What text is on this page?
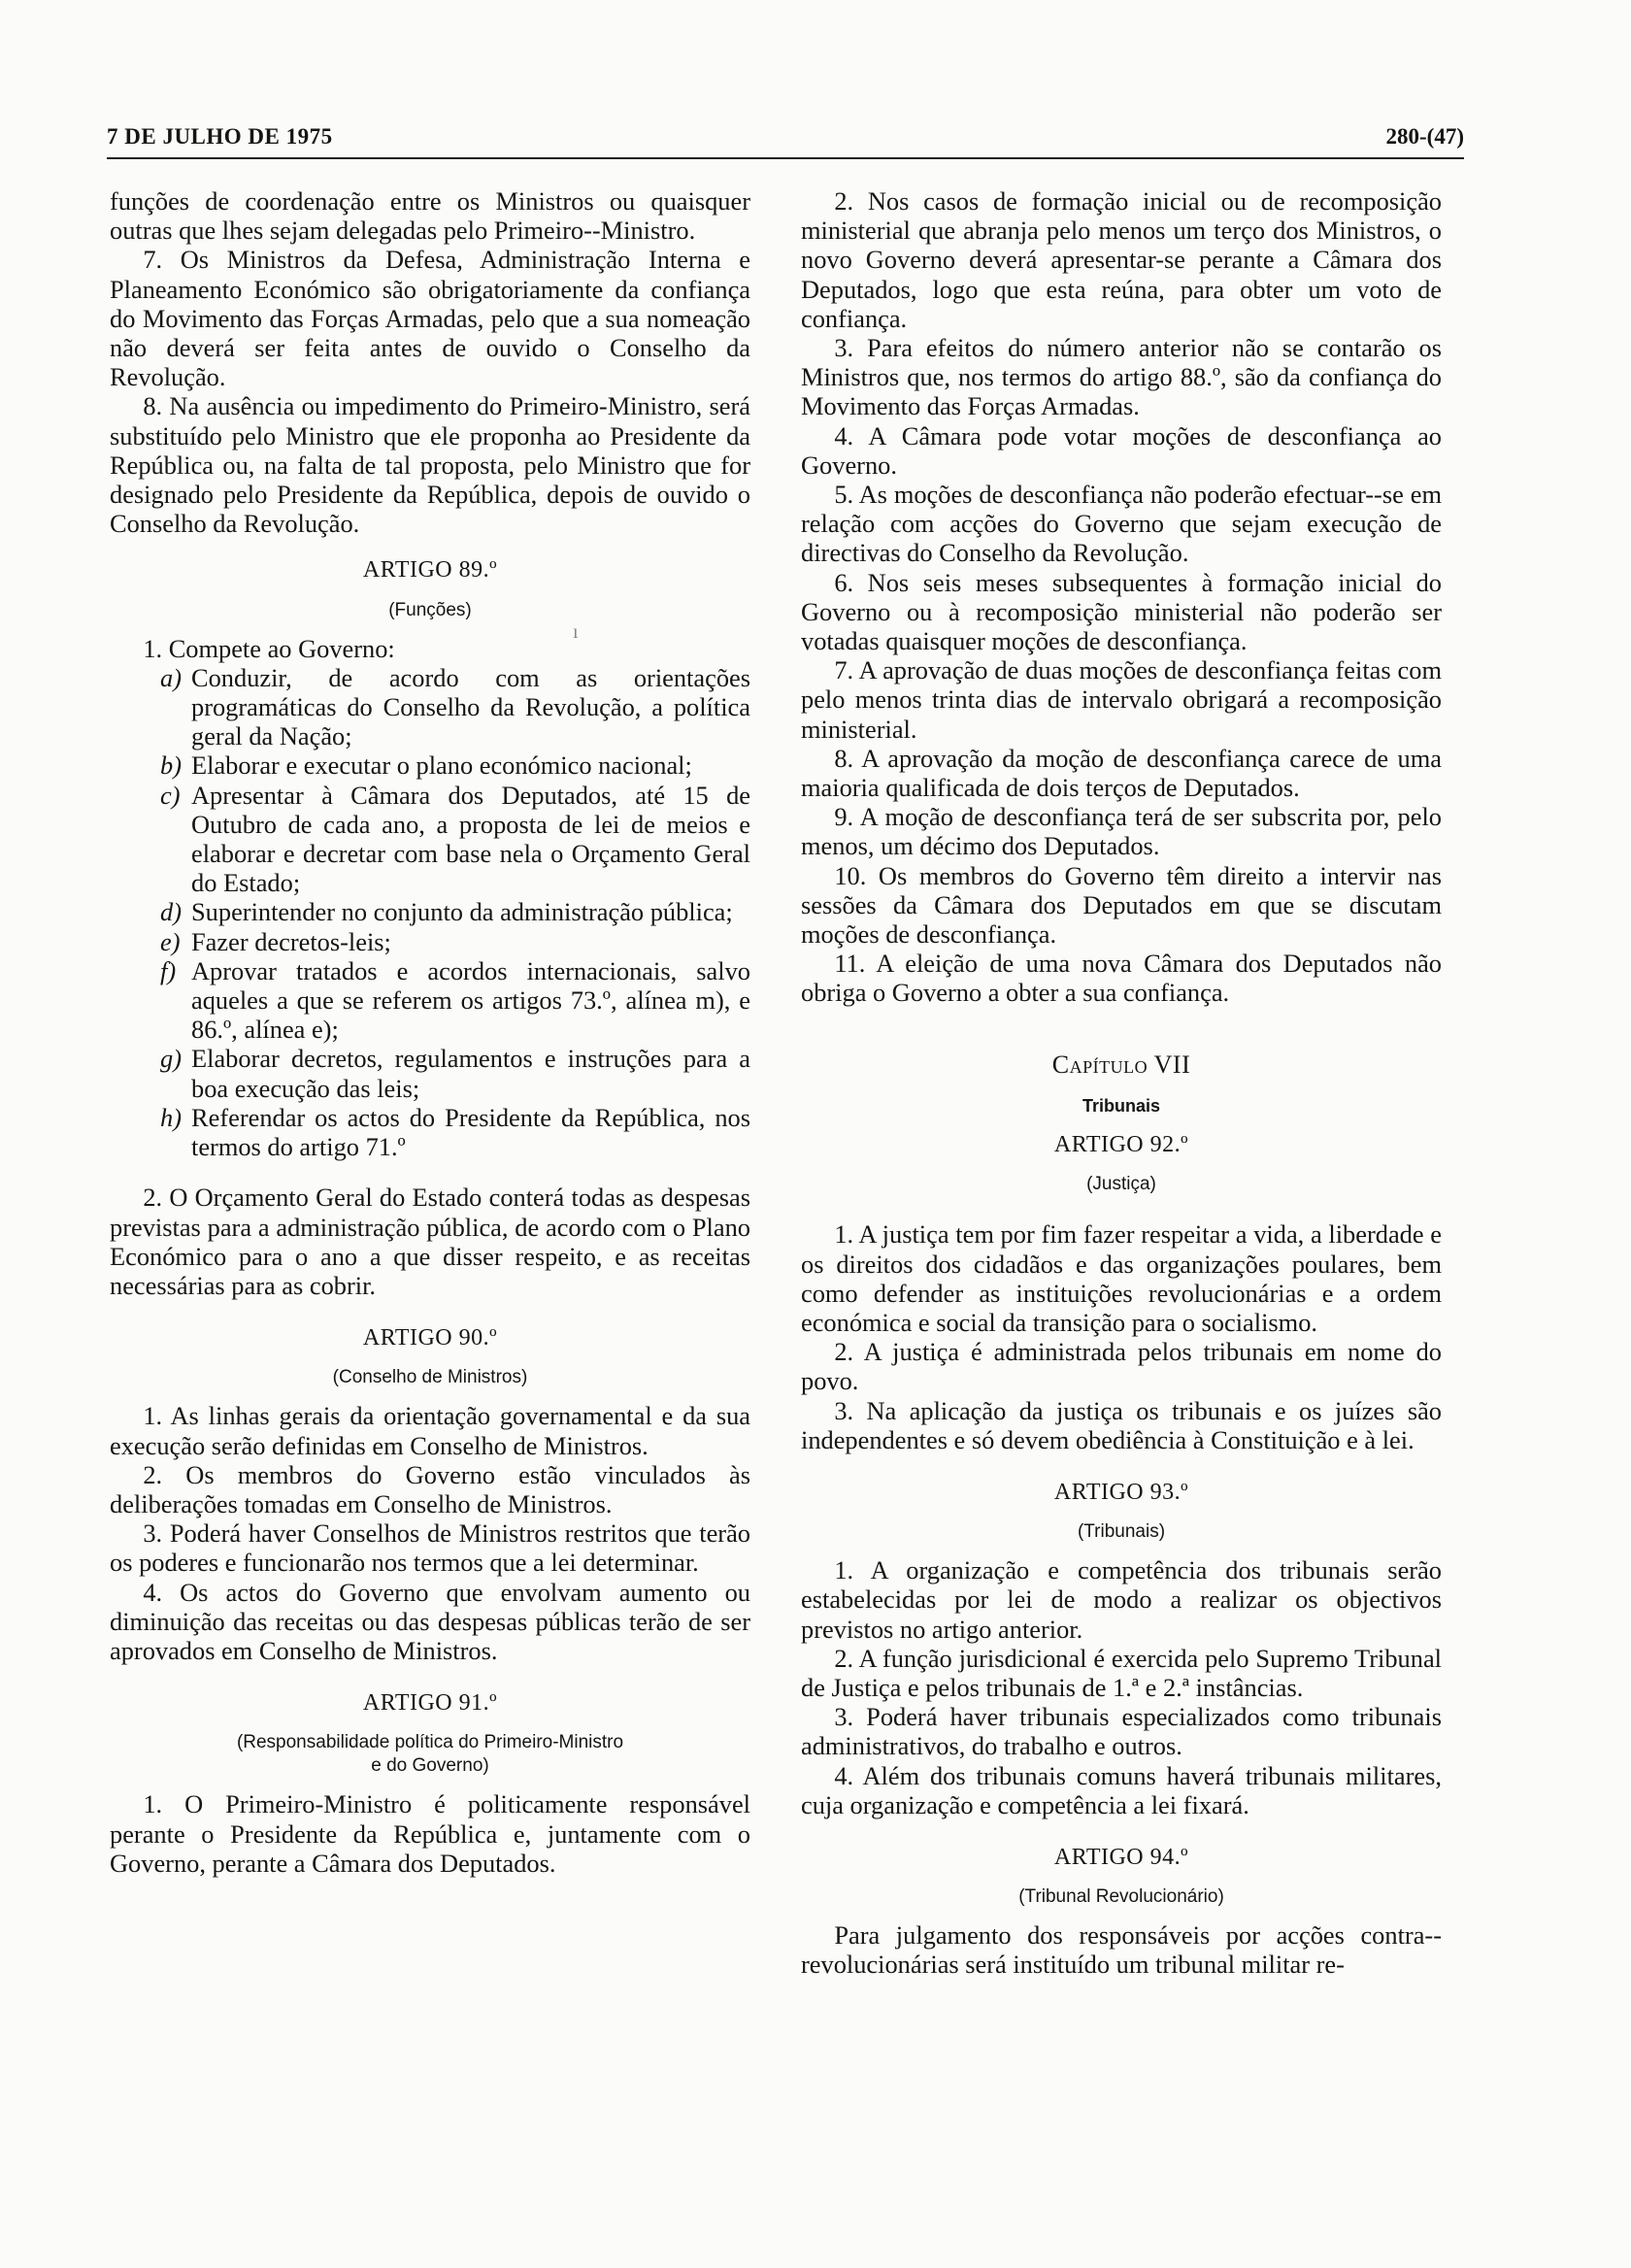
7 DE JULHO DE 1975	280-(47)
ı

funções de coordenação entre os Ministros ou quaisquer outras que lhes sejam delegadas pelo Primeiro--Ministro.

7. Os Ministros da Defesa, Administração Interna e Planeamento Económico são obrigatoriamente da confiança do Movimento das Forças Armadas, pelo que a sua nomeação não deverá ser feita antes de ouvido o Conselho da Revolução.

8. Na ausência ou impedimento do Primeiro-Ministro, será substituído pelo Ministro que ele proponha ao Presidente da República ou, na falta de tal proposta, pelo Ministro que for designado pelo Presidente da República, depois de ouvido o Conselho da Revolução.

ARTIGO 89.º
(Funções)

1. Compete ao Governo:

a) Conduzir, de acordo com as orientações programáticas do Conselho da Revolução, a política geral da Nação;
b) Elaborar e executar o plano económico nacional;
c) Apresentar à Câmara dos Deputados, até 15 de Outubro de cada ano, a proposta de lei de meios e elaborar e decretar com base nela o Orçamento Geral do Estado;
d) Superintender no conjunto da administração pública;
e) Fazer decretos-leis;
f) Aprovar tratados e acordos internacionais, salvo aqueles a que se referem os artigos 73.º, alínea m), e 86.º, alínea e);
g) Elaborar decretos, regulamentos e instruções para a boa execução das leis;
h) Referendar os actos do Presidente da República, nos termos do artigo 71.º

2. O Orçamento Geral do Estado conterá todas as despesas previstas para a administração pública, de acordo com o Plano Económico para o ano a que disser respeito, e as receitas necessárias para as cobrir.

ARTIGO 90.º
(Conselho de Ministros)

1. As linhas gerais da orientação governamental e da sua execução serão definidas em Conselho de Ministros.

2. Os membros do Governo estão vinculados às deliberações tomadas em Conselho de Ministros.

3. Poderá haver Conselhos de Ministros restritos que terão os poderes e funcionarão nos termos que a lei determinar.

4. Os actos do Governo que envolvam aumento ou diminuição das receitas ou das despesas públicas terão de ser aprovados em Conselho de Ministros.

ARTIGO 91.º
(Responsabilidade política do Primeiro-Ministro
e do Governo)

1. O Primeiro-Ministro é politicamente responsável perante o Presidente da República e, juntamente com o Governo, perante a Câmara dos Deputados.

2. Nos casos de formação inicial ou de recomposição ministerial que abranja pelo menos um terço dos Ministros, o novo Governo deverá apresentar-se perante a Câmara dos Deputados, logo que esta reúna, para obter um voto de confiança.

3. Para efeitos do número anterior não se contarão os Ministros que, nos termos do artigo 88.º, são da confiança do Movimento das Forças Armadas.

4. A Câmara pode votar moções de desconfiança ao Governo.

5. As moções de desconfiança não poderão efectuar--se em relação com acções do Governo que sejam execução de directivas do Conselho da Revolução.

6. Nos seis meses subsequentes à formação inicial do Governo ou à recomposição ministerial não poderão ser votadas quaisquer moções de desconfiança.

7. A aprovação de duas moções de desconfiança feitas com pelo menos trinta dias de intervalo obrigará a recomposição ministerial.

8. A aprovação da moção de desconfiança carece de uma maioria qualificada de dois terços de Deputados.

9. A moção de desconfiança terá de ser subscrita por, pelo menos, um décimo dos Deputados.

10. Os membros do Governo têm direito a intervir nas sessões da Câmara dos Deputados em que se discutam moções de desconfiança.

11. A eleição de uma nova Câmara dos Deputados não obriga o Governo a obter a sua confiança.

Capítulo VII
Tribunais
ARTIGO 92.º
(Justiça)

1. A justiça tem por fim fazer respeitar a vida, a liberdade e os direitos dos cidadãos e das organizações poulares, bem como defender as instituições revolucionárias e a ordem económica e social da transição para o socialismo.

2. A justiça é administrada pelos tribunais em nome do povo.

3. Na aplicação da justiça os tribunais e os juízes são independentes e só devem obediência à Constituição e à lei.

ARTIGO 93.º
(Tribunais)

1. A organização e competência dos tribunais serão estabelecidas por lei de modo a realizar os objectivos previstos no artigo anterior.

2. A função jurisdicional é exercida pelo Supremo Tribunal de Justiça e pelos tribunais de 1.ª e 2.ª instâncias.

3. Poderá haver tribunais especializados como tribunais administrativos, do trabalho e outros.

4. Além dos tribunais comuns haverá tribunais militares, cuja organização e competência a lei fixará.

ARTIGO 94.º
(Tribunal Revolucionário)

Para julgamento dos responsáveis por acções contra--revolucionárias será instituído um tribunal militar re-
